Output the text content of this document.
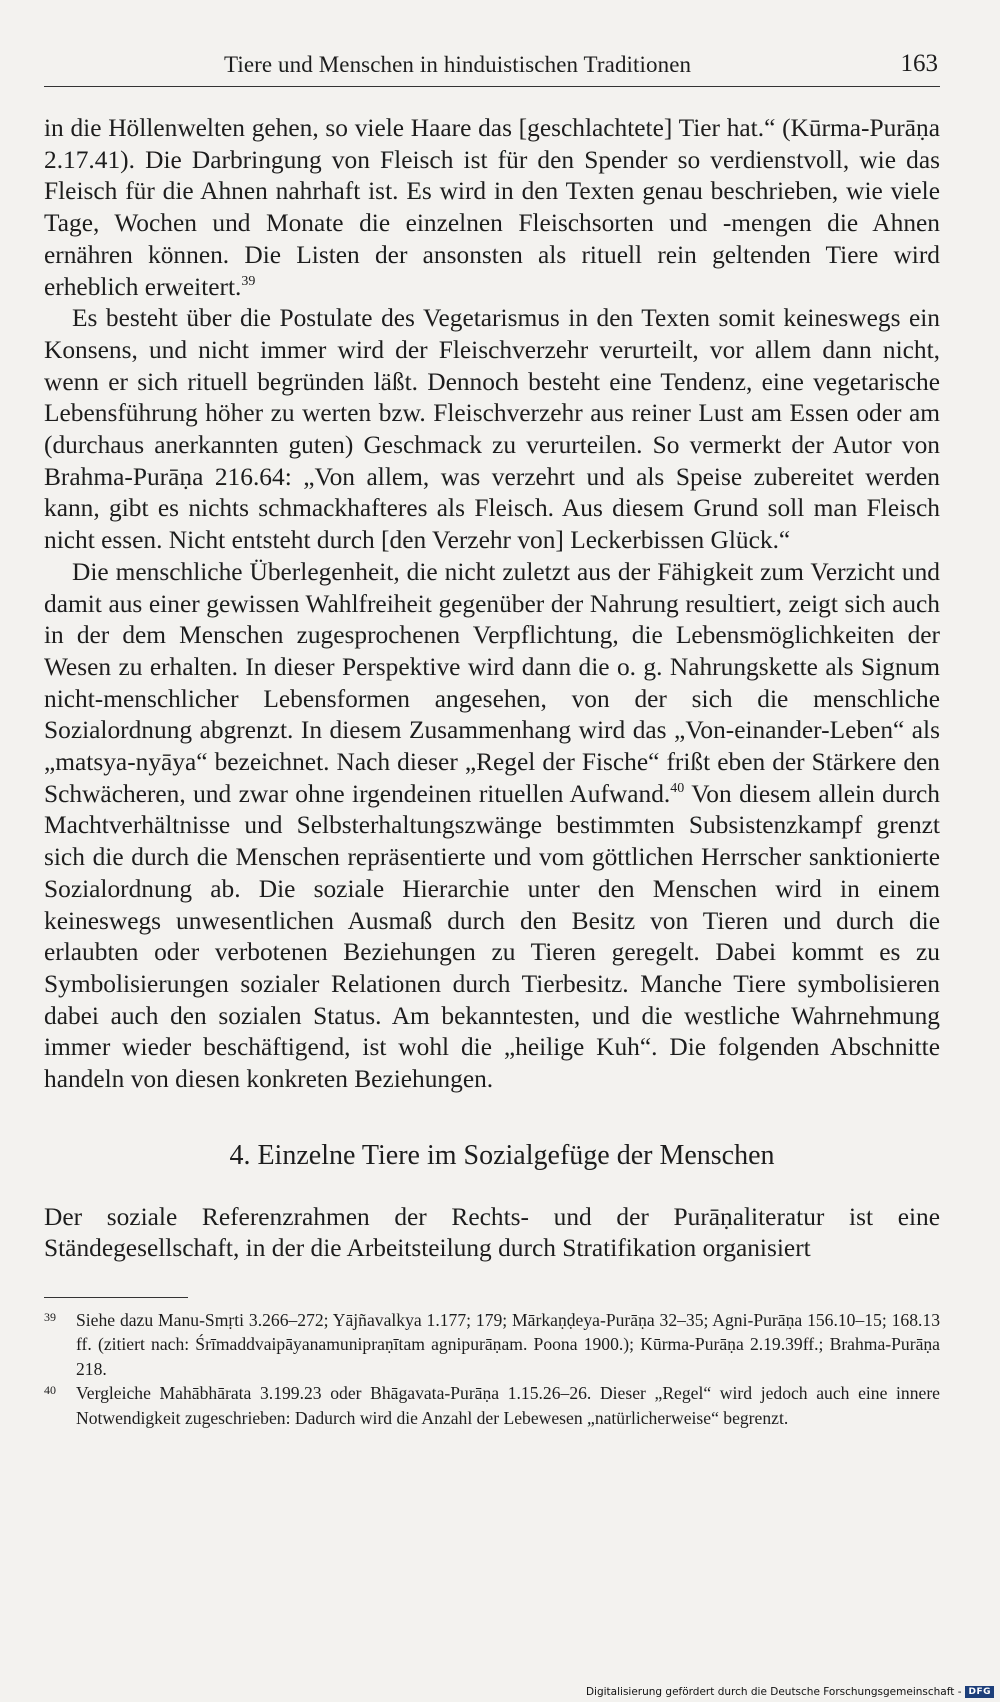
Tiere und Menschen in hinduistischen Traditionen	163

in die Höllenwelten gehen, so viele Haare das [geschlachtete] Tier hat.“ (Kūrma-Purāṇa 2.17.41). Die Darbringung von Fleisch ist für den Spender so verdienstvoll, wie das Fleisch für die Ahnen nahrhaft ist. Es wird in den Texten genau beschrieben, wie viele Tage, Wochen und Monate die einzelnen Fleischsorten und -mengen die Ahnen ernähren können. Die Listen der ansonsten als rituell rein geltenden Tiere wird erheblich erweitert.$^{39}$

Es besteht über die Postulate des Vegetarismus in den Texten somit keineswegs ein Konsens, und nicht immer wird der Fleischverzehr verurteilt, vor allem dann nicht, wenn er sich rituell begründen läßt. Dennoch besteht eine Tendenz, eine vegetarische Lebensführung höher zu werten bzw. Fleischverzehr aus reiner Lust am Essen oder am (durchaus anerkannten guten) Geschmack zu verurteilen. So vermerkt der Autor von Brahma-Purāṇa 216.64: „Von allem, was verzehrt und als Speise zubereitet werden kann, gibt es nichts schmackhafteres als Fleisch. Aus diesem Grund soll man Fleisch nicht essen. Nicht entsteht durch [den Verzehr von] Leckerbissen Glück.“

Die menschliche Überlegenheit, die nicht zuletzt aus der Fähigkeit zum Verzicht und damit aus einer gewissen Wahlfreiheit gegenüber der Nahrung resultiert, zeigt sich auch in der dem Menschen zugesprochenen Verpflichtung, die Lebensmöglichkeiten der Wesen zu erhalten. In dieser Perspektive wird dann die o. g. Nahrungskette als Signum nicht-menschlicher Lebensformen angesehen, von der sich die menschliche Sozialordnung abgrenzt. In diesem Zusammenhang wird das „Von-einander-Leben“ als „matsya-nyāya“ bezeichnet. Nach dieser „Regel der Fische“ frißt eben der Stärkere den Schwächeren, und zwar ohne irgendeinen rituellen Aufwand.$^{40}$ Von diesem allein durch Machtverhältnisse und Selbsterhaltungszwänge bestimmten Subsistenzkampf grenzt sich die durch die Menschen repräsentierte und vom göttlichen Herrscher sanktionierte Sozialordnung ab. Die soziale Hierarchie unter den Menschen wird in einem keineswegs unwesentlichen Ausmaß durch den Besitz von Tieren und durch die erlaubten oder verbotenen Beziehungen zu Tieren geregelt. Dabei kommt es zu Symbolisierungen sozialer Relationen durch Tierbesitz. Manche Tiere symbolisieren dabei auch den sozialen Status. Am bekanntesten, und die westliche Wahrnehmung immer wieder beschäftigend, ist wohl die „heilige Kuh“. Die folgenden Abschnitte handeln von diesen konkreten Beziehungen.

4. Einzelne Tiere im Sozialgefüge der Menschen

Der soziale Referenzrahmen der Rechts- und der Purāṇaliteratur ist eine Ständegesellschaft, in der die Arbeitsteilung durch Stratifikation organisiert

39 Siehe dazu Manu-Smṛti 3.266–272; Yājñavalkya 1.177; 179; Mārkaṇḍeya-Purāṇa 32–35; Agni-Purāṇa 156.10–15; 168.13 ff. (zitiert nach: Śrīmaddvaipāyanamunipraṇītam agnipurāṇam. Poona 1900.); Kūrma-Purāṇa 2.19.39ff.; Brahma-Purāṇa 218.
40 Vergleiche Mahābhārata 3.199.23 oder Bhāgavata-Purāṇa 1.15.26–26. Dieser „Regel“ wird jedoch auch eine innere Notwendigkeit zugeschrieben: Dadurch wird die Anzahl der Lebewesen „natürlicherweise“ begrenzt.
Digitalisierung gefördert durch die Deutsche Forschungsgemeinschaft - DFG
